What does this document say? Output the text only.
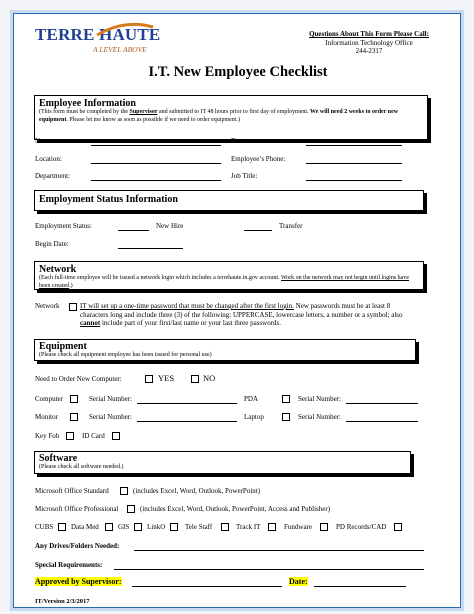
TERRE HAUTE
A LEVEL ABOVE
Questions About This Form Please Call:
Information Technology Office
244-2317
I.T. New Employee Checklist
Employee Information
(This form must be completed by the Supervisor and submitted to IT 48 hours prior to first day of employment. We will need 2 weeks to order new equipment. Please let me know as soon as possible if we need to order equipment.)
Name:	Date:
Location:	Employee’s Phone:
Department:	Job Title:
Employment Status Information
Employment Status:	New Hire	Transfer
Begin Date:
Network
(Each full-time employee will be issued a network login which includes a terrehaute.in.gov account. Work on the network may not begin until logins have been created.)
Network	IT will set up a one-time password that must be changed after the first login. New passwords must be at least 8 characters long and include three (3) of the following: UPPERCASE, lowercase letters, a number or a symbol; also cannot include part of your first/last name or your last three passwords.
Equipment
(Please check all equipment employee has been issued for personal use)
Need to Order New Computer:	YES	NO
Computer	Serial Number:	PDA	Serial Number:
Monitor	Serial Number:	Laptop	Serial Number:
Key Fob	ID Card
Software
(Please check all software needed.)
Microsoft Office Standard	(includes Excel, Word, Outlook, PowerPoint)
Microsoft Office Professional	(includes Excel, Word, Outlook, PowerPoint, Access and Publisher)
CUBS	Data Med	GIS	LinkO	Tele Staff	Track IT	Fundware	PD Records/CAD
Any Drives/Folders Needed:
Special Requirements:
Approved by Supervisor:	Date:
IT/Version 2/3/2017
